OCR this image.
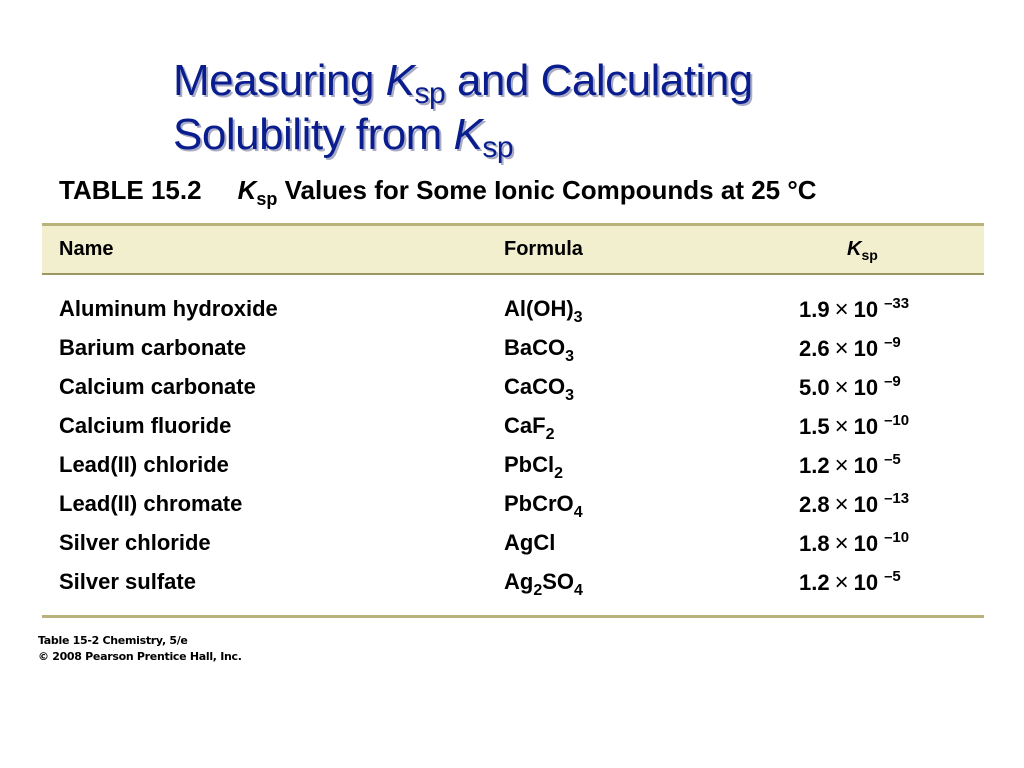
Measuring $K_{sp}$ and Calculating
Solubility from $K_{sp}$
TABLE 15.2 $K_{sp}$ Values for Some Ionic Compounds at 25 °C
Name	Formula	$K_{sp}$
Aluminum hydroxide	$Al(OH)_3$	1.9 × 10 $^{-33}$
Barium carbonate	BaCO$_3$	2.6 × 10 $^{-9}$
Calcium carbonate	CaCO$_3$	5.0 × 10 $^{-9}$
Calcium fluoride	CaF$_2$	1.5 × 10 $^{-10}$
Lead(II) chloride	PbCl$_2$	1.2 × 10 $^{-5}$
Lead(II) chromate	PbCrO$_4$	2.8 × 10 $^{-13}$
Silver chloride	AgCl	1.8 × 10 $^{-10}$
Silver sulfate	$Ag_2SO_4$	1.2 × 10 $^{-5}$
Table 15-2 Chemistry, 5/e
© 2008 Pearson Prentice Hall, Inc.
